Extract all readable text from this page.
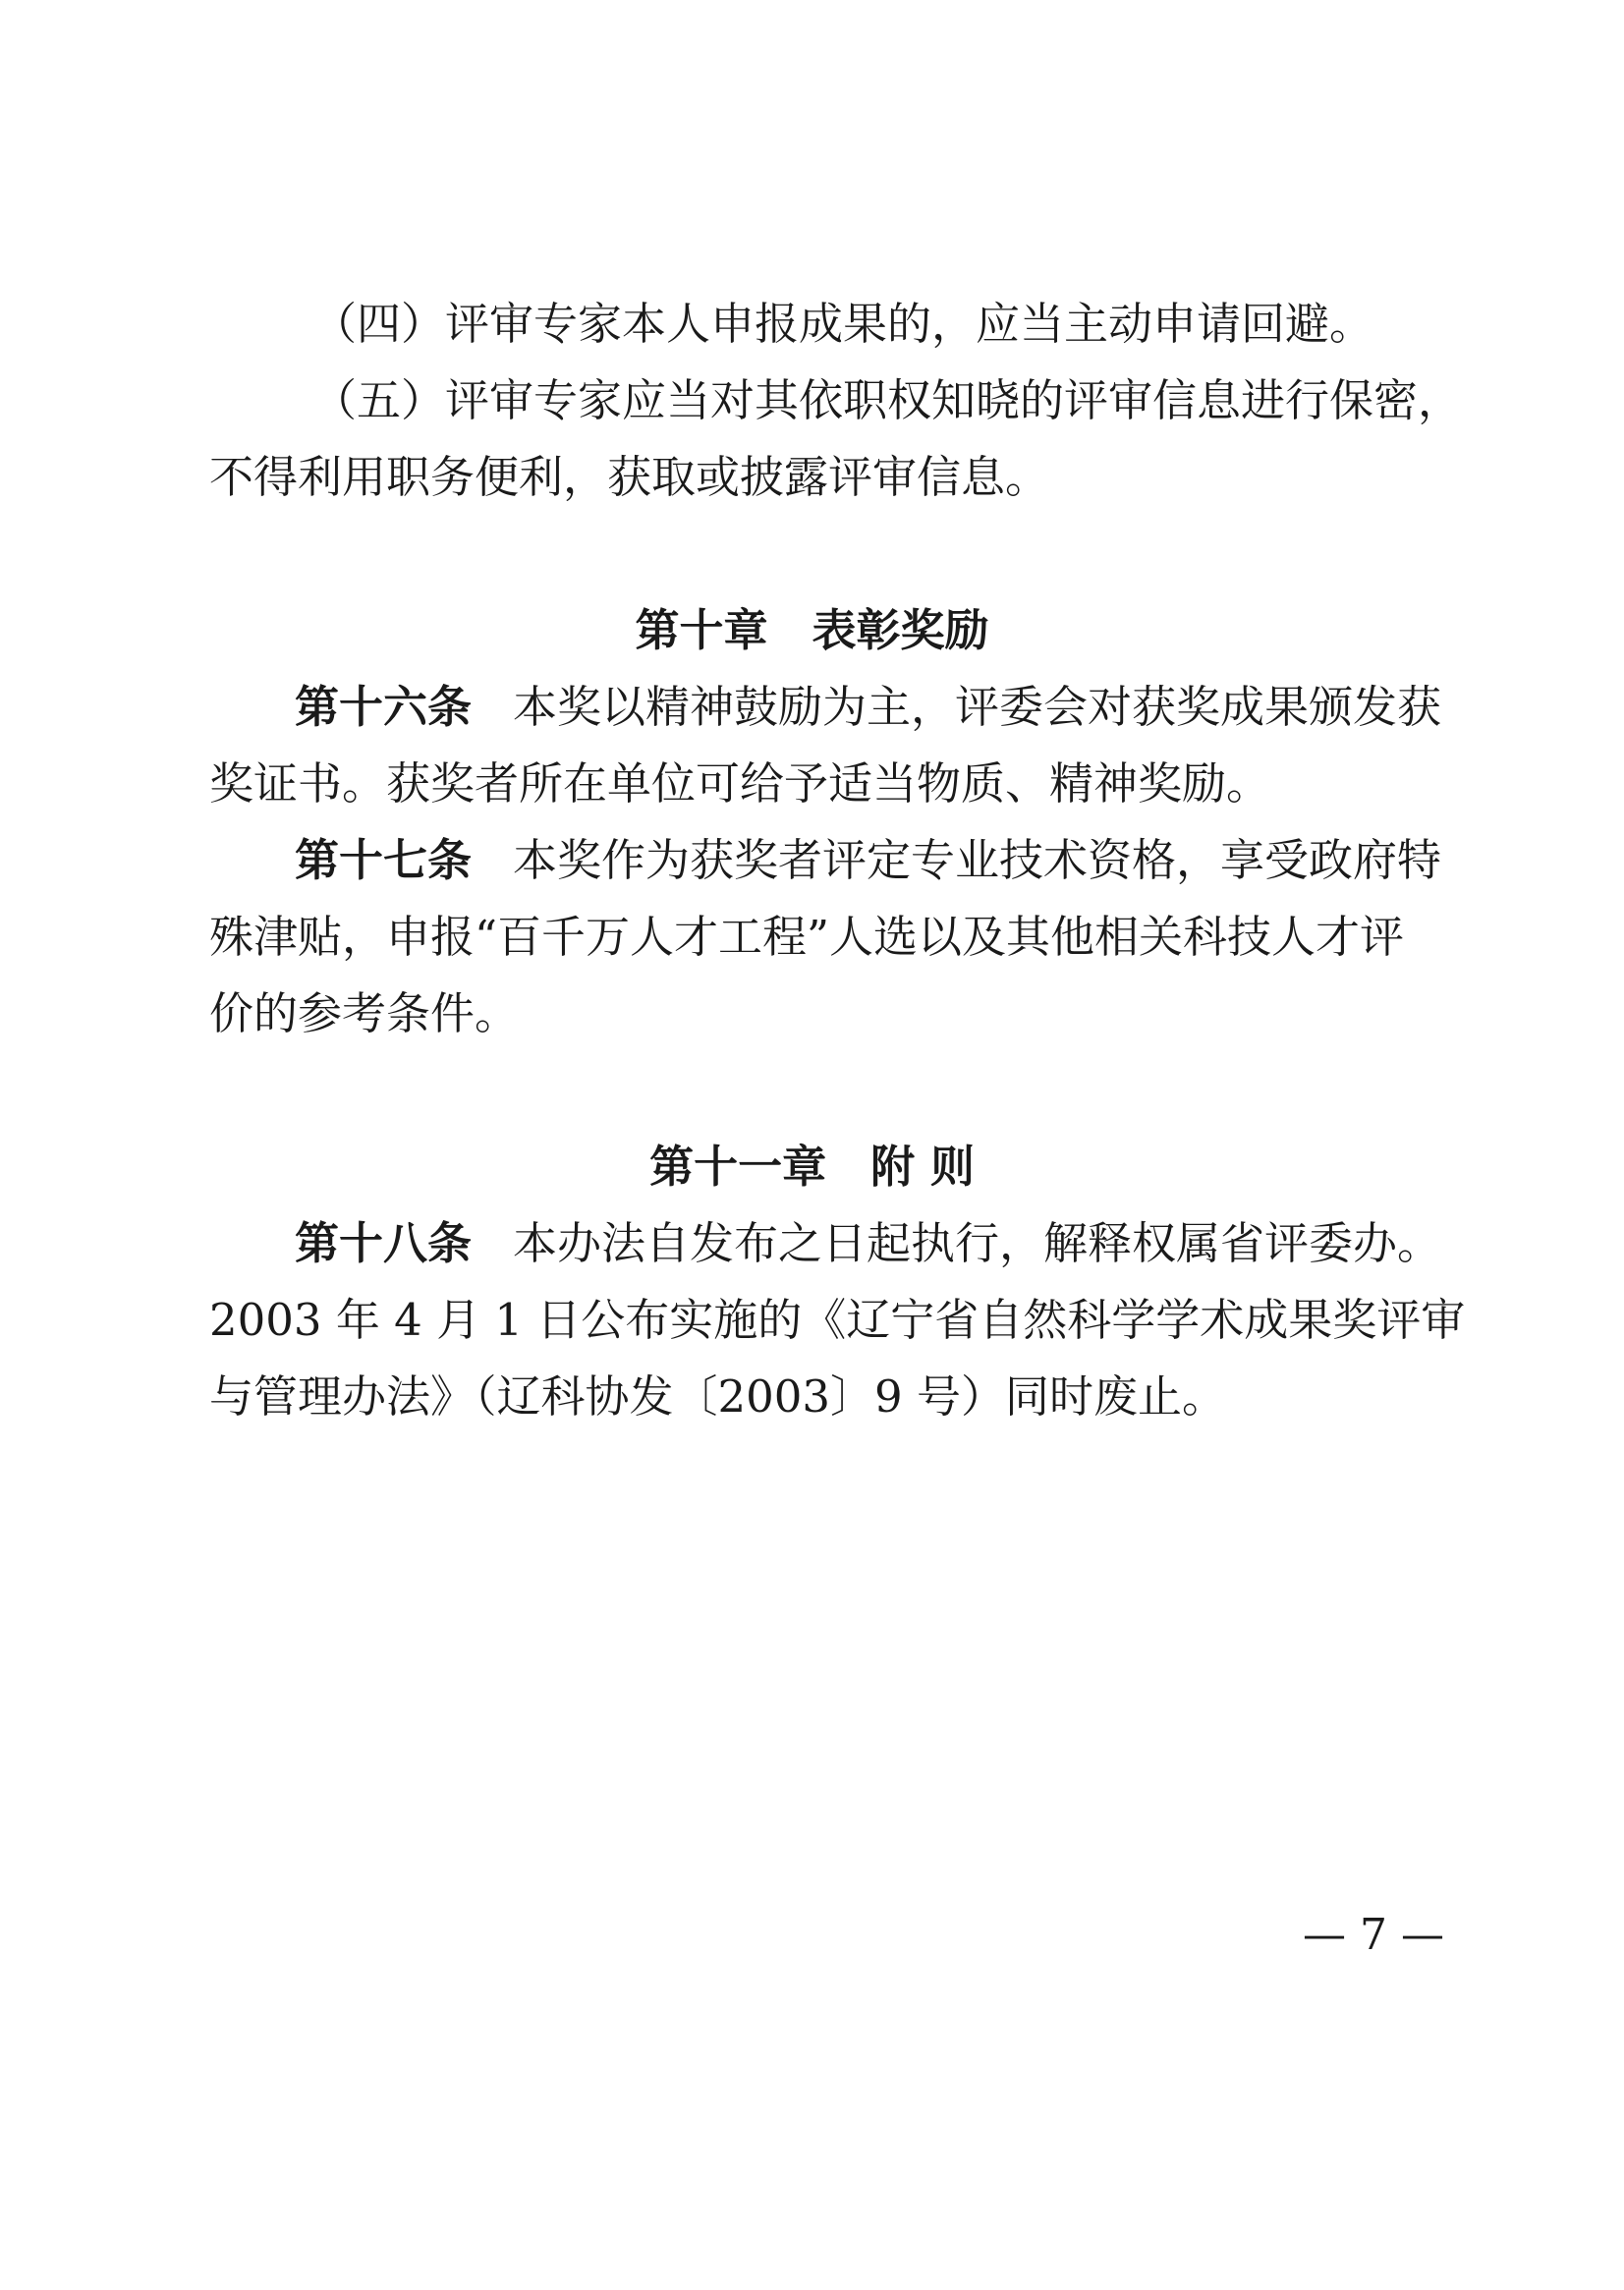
（四）评审专家本人申报成果的，应当主动申请回避。
（五）评审专家应当对其依职权知晓的评审信息进行保密，
不得利用职务便利，获取或披露评审信息。
第十章　表彰奖励
第十六条 本奖以精神鼓励为主，评委会对获奖成果颁发获
奖证书。获奖者所在单位可给予适当物质、精神奖励。
第十七条 本奖作为获奖者评定专业技术资格，享受政府特
殊津贴，申报“百千万人才工程”人选以及其他相关科技人才评
价的参考条件。
第十一章　附 则
第十八条 本办法自发布之日起执行，解释权属省评委办。
2003 年 4 月 1 日公布实施的《辽宁省自然科学学术成果奖评审
与管理办法》（辽科协发〔2003〕9 号）同时废止。
— 7 —
